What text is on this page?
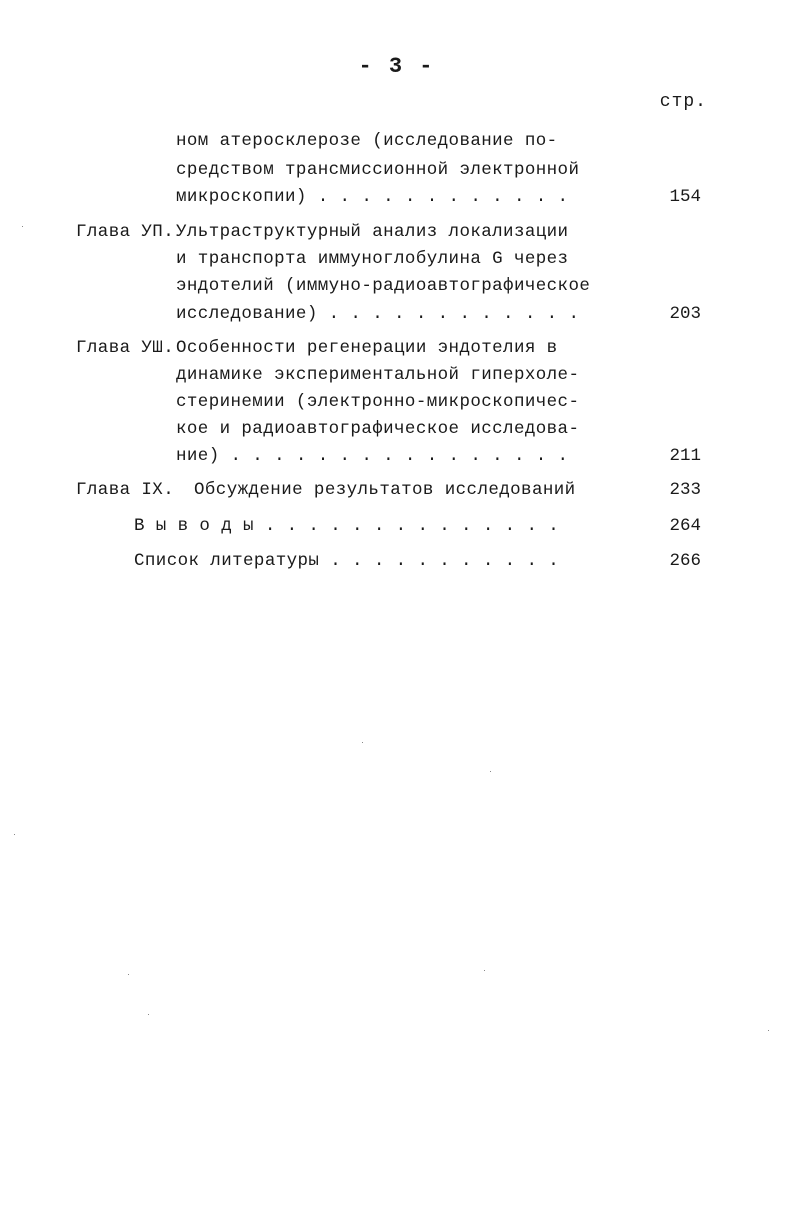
- 3 -
стр.
ном атеросклерозе (исследование по-
средством трансмиссионной электронной
микроскопии) . . . . . . . . . . . .	154
Глава УП. Ультраструктурный анализ локализации
и транспорта иммуноглобулина G через
эндотелий (иммуно-радиоавтографическое
исследование) . . . . . . . . . . . .	203
Глава УШ. Особенности регенерации эндотелия в
динамике экспериментальной гиперхоле-
стеринемии (электронно-микроскопичес-
кое и радиоавтографическое исследова-
ние) . . . . . . . . . . . . . . . .	211
Глава IX. Обсуждение результатов исследований	233
В ы в о д ы . . . . . . . . . . . . . .	264
Список литературы . . . . . . . . . . .	266
